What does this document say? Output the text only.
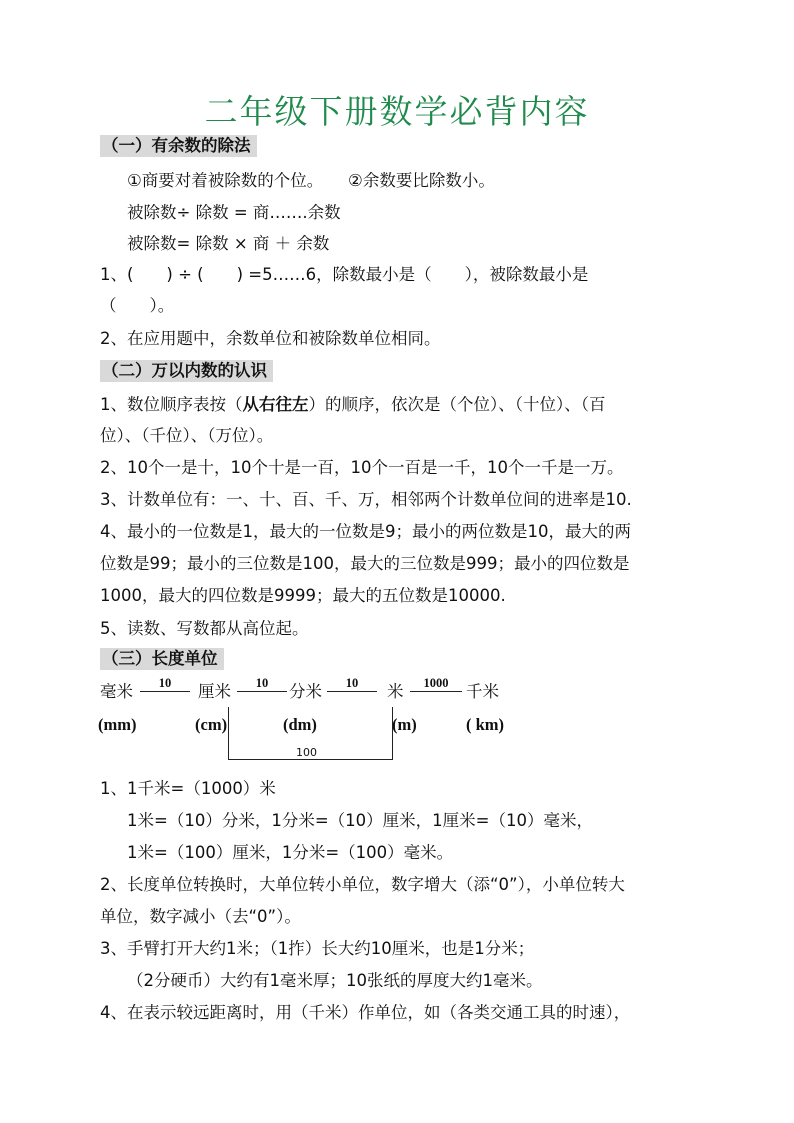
二年级下册数学必背内容
（一）有余数的除法
①商要对着被除数的个位。　　②余数要比除数小。
被除数÷ 除数 = 商…….余数
被除数= 除数 × 商 ＋ 余数
1、(　　) ÷ (　　) =5……6，除数最小是（　　），被除数最小是
（　　）。
2、在应用题中，余数单位和被除数单位相同。
（二）万以内数的认识
1、数位顺序表按（从右往左）的顺序，依次是（个位）、（十位）、（百
位）、（千位）、（万位）。
2、10个一是十，10个十是一百，10个一百是一千，10个一千是一万。
3、计数单位有：一、十、百、千、万，相邻两个计数单位间的进率是10.
4、最小的一位数是1，最大的一位数是9；最小的两位数是10，最大的两
位数是99；最小的三位数是100，最大的三位数是999；最小的四位数是
1000，最大的四位数是9999；最大的五位数是10000.
5、读数、写数都从高位起。
（三）长度单位
毫米	10	厘米	10	分米	10	米	1000	千米
(mm)	(cm)	(dm)	(m)	( km)
100
1、1千米=（1000）米
1米=（10）分米，1分米=（10）厘米，1厘米=（10）毫米，
1米=（100）厘米，1分米=（100）毫米。
2、长度单位转换时，大单位转小单位，数字增大（添“0”），小单位转大
单位，数字减小（去“0”）。
3、手臂打开大约1米；（1拃）长大约10厘米，也是1分米；
（2分硬币）大约有1毫米厚；10张纸的厚度大约1毫米。
4、在表示较远距离时，用（千米）作单位，如（各类交通工具的时速），
